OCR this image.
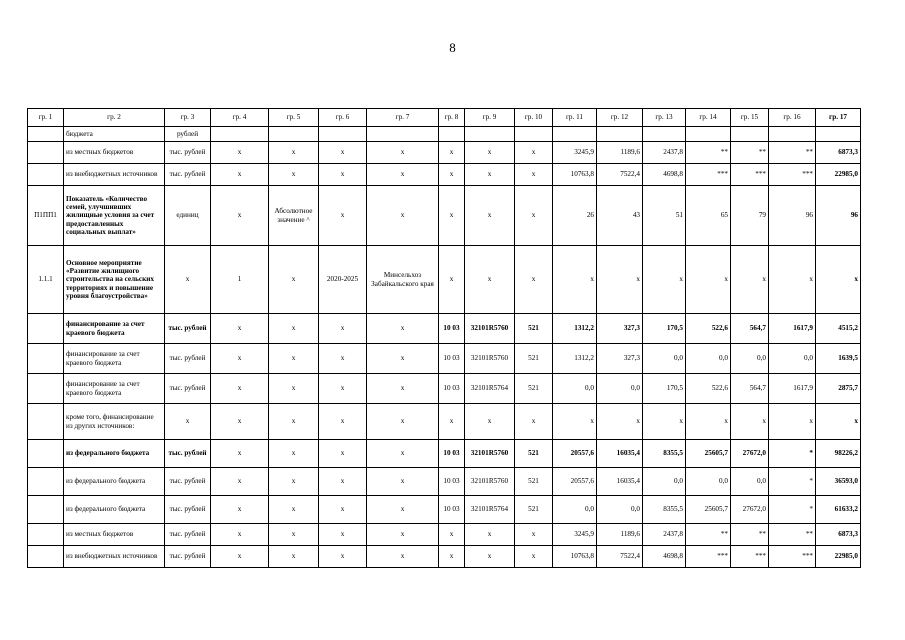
8
гр. 1	гр. 2	гр. 3	гр. 4	гр. 5	гр. 6	гр. 7	гр. 8	гр. 9	гр. 10	гр. 11	гр. 12	гр. 13	гр. 14	гр. 15	гр. 16	гр. 17
	бюджета	рублей														
	из местных бюджетов	тыс. рублей	х	х	х	х	х	х	х	3245,9	1189,6	2437,8	**	**	**	6873,3
	из внебюджетных источников	тыс. рублей	х	х	х	х	х	х	х	10763,8	7522,4	4698,8	***	***	***	22985,0
П1ПП1	Показатель «Количество семей, улучшивших жилищные условия за счет предоставленных социальных выплат»	единиц	х	Абсолютное значение ^	х	х	х	х	х	26	43	51	65	79	96	96
1.1.1	Основное мероприятие «Развитие жилищного строительства на сельских территориях и повышение уровня благоустройства»	х	1	х	2020-2025	Минсельхоз Забайкальского края	х	х	х	х	х	х	х	х	х	х
	финансирование за счет краевого бюджета	тыс. рублей	х	х	х	х	10 03	32101R5760	521	1312,2	327,3	170,5	522,6	564,7	1617,9	4515,2
	финансирование за счет краевого бюджета	тыс. рублей	х	х	х	х	10 03	32101R5760	521	1312,2	327,3	0,0	0,0	0,0	0,0	1639,5
	финансирование за счет краевого бюджета	тыс. рублей	х	х	х	х	10 03	32101R5764	521	0,0	0,0	170,5	522,6	564,7	1617,9	2875,7
	кроме того, финансирование из других источников:	х	х	х	х	х	х	х	х	х	х	х	х	х	х	х
	из федерального бюджета	тыс. рублей	х	х	х	х	10 03	32101R5760	521	20557,6	16035,4	8355,5	25605,7	27672,0	*	98226,2
	из федерального бюджета	тыс. рублей	х	х	х	х	10 03	32101R5760	521	20557,6	16035,4	0,0	0,0	0,0	*	36593,0
	из федерального бюджета	тыс. рублей	х	х	х	х	10 03	32101R5764	521	0,0	0,0	8355,5	25605,7	27672,0	*	61633,2
	из местных бюджетов	тыс. рублей	х	х	х	х	х	х	х	3245,9	1189,6	2437,8	**	**	**	6873,3
	из внебюджетных источников	тыс. рублей	х	х	х	х	х	х	х	10763,8	7522,4	4698,8	***	***	***	22985,0
